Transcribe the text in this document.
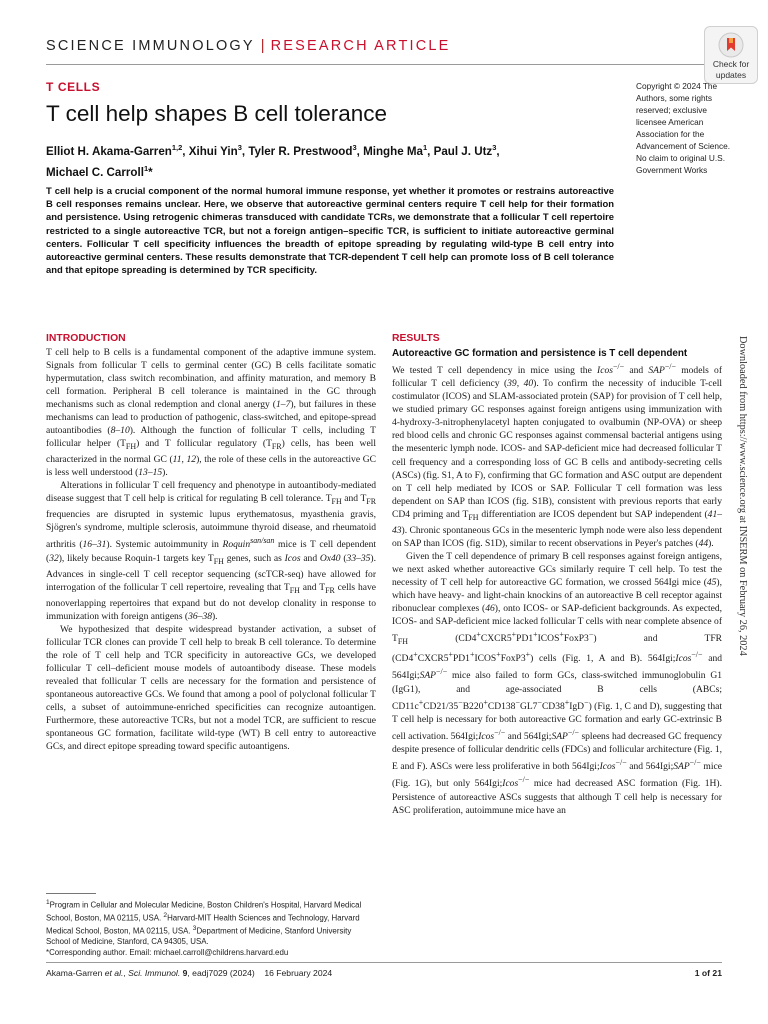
SCIENCE IMMUNOLOGY | RESEARCH ARTICLE
Check for
updates
T CELLS
T cell help shapes B cell tolerance
Elliot H. Akama-Garren$^{1,2}$, Xihui Yin$^3$, Tyler R. Prestwood$^3$, Minghe Ma$^1$, Paul J. Utz$^3$,
Michael C. Carroll$^1$*
Copyright © 2024 The Authors, some rights reserved; exclusive licensee American Association for the Advancement of Science. No claim to original U.S. Government Works
T cell help is a crucial component of the normal humoral immune response, yet whether it promotes or restrains autoreactive B cell responses remains unclear. Here, we observe that autoreactive germinal centers require T cell help for their formation and persistence. Using retrogenic chimeras transduced with candidate TCRs, we demonstrate that a follicular T cell repertoire restricted to a single autoreactive TCR, but not a foreign antigen–specific TCR, is sufficient to initiate autoreactive germinal centers. Follicular T cell specificity influences the breadth of epitope spreading by regulating wild-type B cell entry into autoreactive germinal centers. These results demonstrate that TCR-dependent T cell help can promote loss of B cell tolerance and that epitope spreading is determined by TCR specificity.
INTRODUCTION

T cell help to B cells is a fundamental component of the adaptive immune system. Signals from follicular T cells to germinal center (GC) B cells facilitate somatic hypermutation, class switch recombination, and affinity maturation, and memory B cell formation. Peripheral B cell tolerance is maintained in the GC through mechanisms such as clonal redemption and clonal anergy (1–7), but failures in these mechanisms can lead to production of pathogenic, class-switched, and epitope-spread autoantibodies (8–10). Although the function of follicular T cells, including T follicular helper $(T_{FH})$ and T follicular regulatory $(T_{FR})$ cells, has been well characterized in the normal GC (11, 12), the role of these cells in the autoreactive GC is less well understood (13–15).

Alterations in follicular T cell frequency and phenotype in autoantibody-mediated disease suggest that T cell help is critical for regulating B cell tolerance. $T_{FH}$ and $T_{FR}$ frequencies are disrupted in systemic lupus erythematosus, myasthenia gravis, Sjögren's syndrome, multiple sclerosis, autoimmune thyroid disease, and rheumatoid arthritis (16–31). Systemic autoimmunity in Roquin$^{san/san}$ mice is T cell dependent (32), likely because Roquin-1 targets key $T_{FH}$ genes, such as Icos and Ox40 (33–35). Advances in single-cell T cell receptor sequencing (scTCR-seq) have allowed for interrogation of the follicular T cell repertoire, revealing that $T_{FH}$ and $T_{FR}$ cells have nonoverlapping repertoires that expand but do not develop clonality in response to immunization with foreign antigens (36–38).

We hypothesized that despite widespread bystander activation, a subset of follicular TCR clones can provide T cell help to break B cell tolerance. To determine the role of T cell help and TCR specificity in autoreactive GCs, we developed follicular T cell–deficient mouse models of autoantibody disease. These models revealed that follicular T cells are necessary for the formation and persistence of spontaneous autoreactive GCs. We found that among a pool of polyclonal follicular T cells, a subset of autoimmune-enriched specificities can recognize autoantigen. Furthermore, these autoreactive TCRs, but not a model TCR, are sufficient to rescue spontaneous GC formation, facilitate wild-type (WT) B cell entry to autoreactive GCs, and direct epitope spreading toward specific autoantigens.

RESULTS
Autoreactive GC formation and persistence is T cell dependent

We tested T cell dependency in mice using the Icos−/− and SAP−/− models of follicular T cell deficiency (39, 40). To confirm the necessity of inducible T-cell costimulator (ICOS) and SLAM-associated protein (SAP) for provision of T cell help, we studied primary GC responses against foreign antigens using immunization with 4-hydroxy-3-nitrophenylacetyl hapten conjugated to ovalbumin (NP-OVA) or sheep red blood cells and chronic GC responses against commensal bacterial antigens using the mesenteric lymph node. ICOS- and SAP-deficient mice had decreased follicular T cell frequency and a corresponding loss of GC B cells and antibody-secreting cells (ASCs) (fig. S1, A to F), confirming that GC formation and ASC output are dependent on T cell help mediated by ICOS or SAP. Follicular T cell formation was less dependent on SAP than ICOS (fig. S1B), consistent with previous reports that early CD4 priming and $T_{FH}$ differentiation are ICOS dependent but SAP independent (41–43). Chronic spontaneous GCs in the mesenteric lymph node were also less dependent on SAP than ICOS (fig. S1D), similar to recent observations in Peyer's patches (44).

Given the T cell dependence of primary B cell responses against foreign antigens, we next asked whether autoreactive GCs similarly require T cell help. To test the necessity of T cell help for autoreactive GC formation, we crossed 564Igi mice (45), which have heavy- and light-chain knockins of an autoreactive B cell receptor against ribonuclear complexes (46), onto ICOS- or SAP-deficient backgrounds. As expected, ICOS- and SAP-deficient mice lacked follicular T cells with near complete absence of $T_{FH}$ (CD4+CXCR5+PD1+ICOS+FoxP3−) and TFR (CD4+CXCR5+PD1+ICOS+FoxP3+) cells (Fig. 1, A and B). 564Igi;Icos−/− and 564Igi;SAP−/− mice also failed to form GCs, class-switched immunoglobulin G1 (IgG1), and age-associated B cells (ABCs; CD11c+CD21/35−B220+CD138−GL7−CD38+IgD−) (Fig. 1, C and D), suggesting that T cell help is necessary for both autoreactive GC formation and early GC-extrinsic B cell activation. 564Igi;Icos−/− and 564Igi;SAP−/− spleens had decreased GC frequency despite presence of follicular dendritic cells (FDCs) and follicular architecture (Fig. 1, E and F). ASCs were less proliferative in both 564Igi;Icos−/− and 564Igi;SAP−/− mice (Fig. 1G), but only 564Igi;Icos−/− mice had decreased ASC formation (Fig. 1H). Persistence of autoreactive ASCs suggests that although T cell help is necessary for ASC proliferation, autoimmune mice have an

$^1$Program in Cellular and Molecular Medicine, Boston Children's Hospital, Harvard Medical School, Boston, MA 02115, USA. $^2$Harvard-MIT Health Sciences and Technology, Harvard Medical School, Boston, MA 02115, USA. $^3$Department of Medicine, Stanford University School of Medicine, Stanford, CA 94305, USA.

*Corresponding author. Email: michael.carroll@childrens.harvard.edu

Akama-Garren et al., Sci. Immunol. 9, eadj7029 (2024)    16 February 2024	1 of 21
Downloaded from https://www.science.org at INSERM on February 26, 2024
